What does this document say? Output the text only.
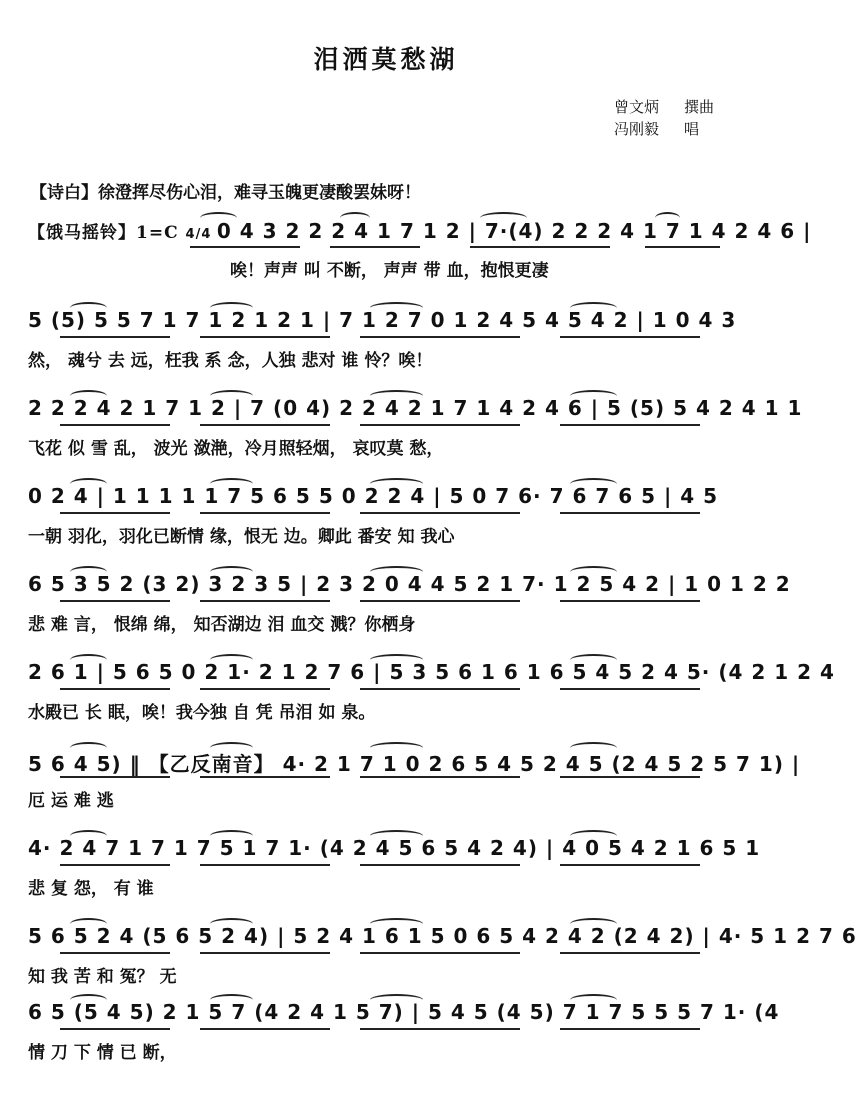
泪洒莫愁湖
曾文炳	撰曲
冯刚毅	唱
【诗白】徐澄挥尽伤心泪，难寻玉魄更凄酸罢妹呀！
【饿马摇铃】1=C 4/4 0 4 3 2 2 2 4 1 7 1 2 | 7·(4) 2 2 2 4 1 7 1 4 2 4 6 |
唉！声声 叫 不断， 声声 带 血，抱恨更凄
5 (5) 5 5 7 1 7 1 2 1 2 1 | 7 1 2 7 0 1 2 4 5 4 5 4 2 | 1 0 4 3
然， 魂兮 去 远，枉我 系 念，人独 悲对 谁 怜？唉！
2 2 2 4 2 1 7 1 2 | 7 (0 4) 2 2 4 2 1 7 1 4 2 4 6 | 5 (5) 5 4 2 4 1 1
飞花 似 雪 乱， 波光 潋滟，冷月照轻烟， 哀叹莫 愁，
0 2 4 | 1 1 1 1 1 7 5 6 5 5 0 2 2 4 | 5 0 7 6· 7 6 7 6 5 | 4 5
一朝 羽化，羽化已断情 缘，恨无 边。卿此 番安 知 我心
6 5 3 5 2 (3 2) 3 2 3 5 | 2 3 2 0 4 4 5 2 1 7· 1 2 5 4 2 | 1 0 1 2 2
悲 难 言， 恨绵 绵， 知否湖边 泪 血交 溅？你栖身
2 6 1 | 5 6 5 0 2 1· 2 1 2 7 6 | 5 3 5 6 1 6 1 6 5 4 5 2 4 5· (4 2 1 2 4
水殿已 长 眠，唉！我今独 自 凭 吊泪 如 泉。
5 6 4 5) ‖ 【乙反南音】 4· 2 1 7 1 0 2 6 5 4 5 2 4 5 (2 4 5 2 5 7 1) |
厄 运 难 逃
4· 2 4 7 1 7 1 7 5 1 7 1· (4 2 4 5 6 5 4 2 4) | 4 0 5 4 2 1 6 5 1
悲 复 怨， 有 谁
5 6 5 2 4 (5 6 5 2 4) | 5 2 4 1 6 1 5 0 6 5 4 2 4 2 (2 4 2) | 4· 5 1 2 7 6
知 我 苦 和 冤？ 无
6 5 (5 4 5) 2 1 5 7 (4 2 4 1 5 7) | 5 4 5 (4 5) 7 1 7 5 5 5 7 1· (4
情 刀 下 情 已 断，
